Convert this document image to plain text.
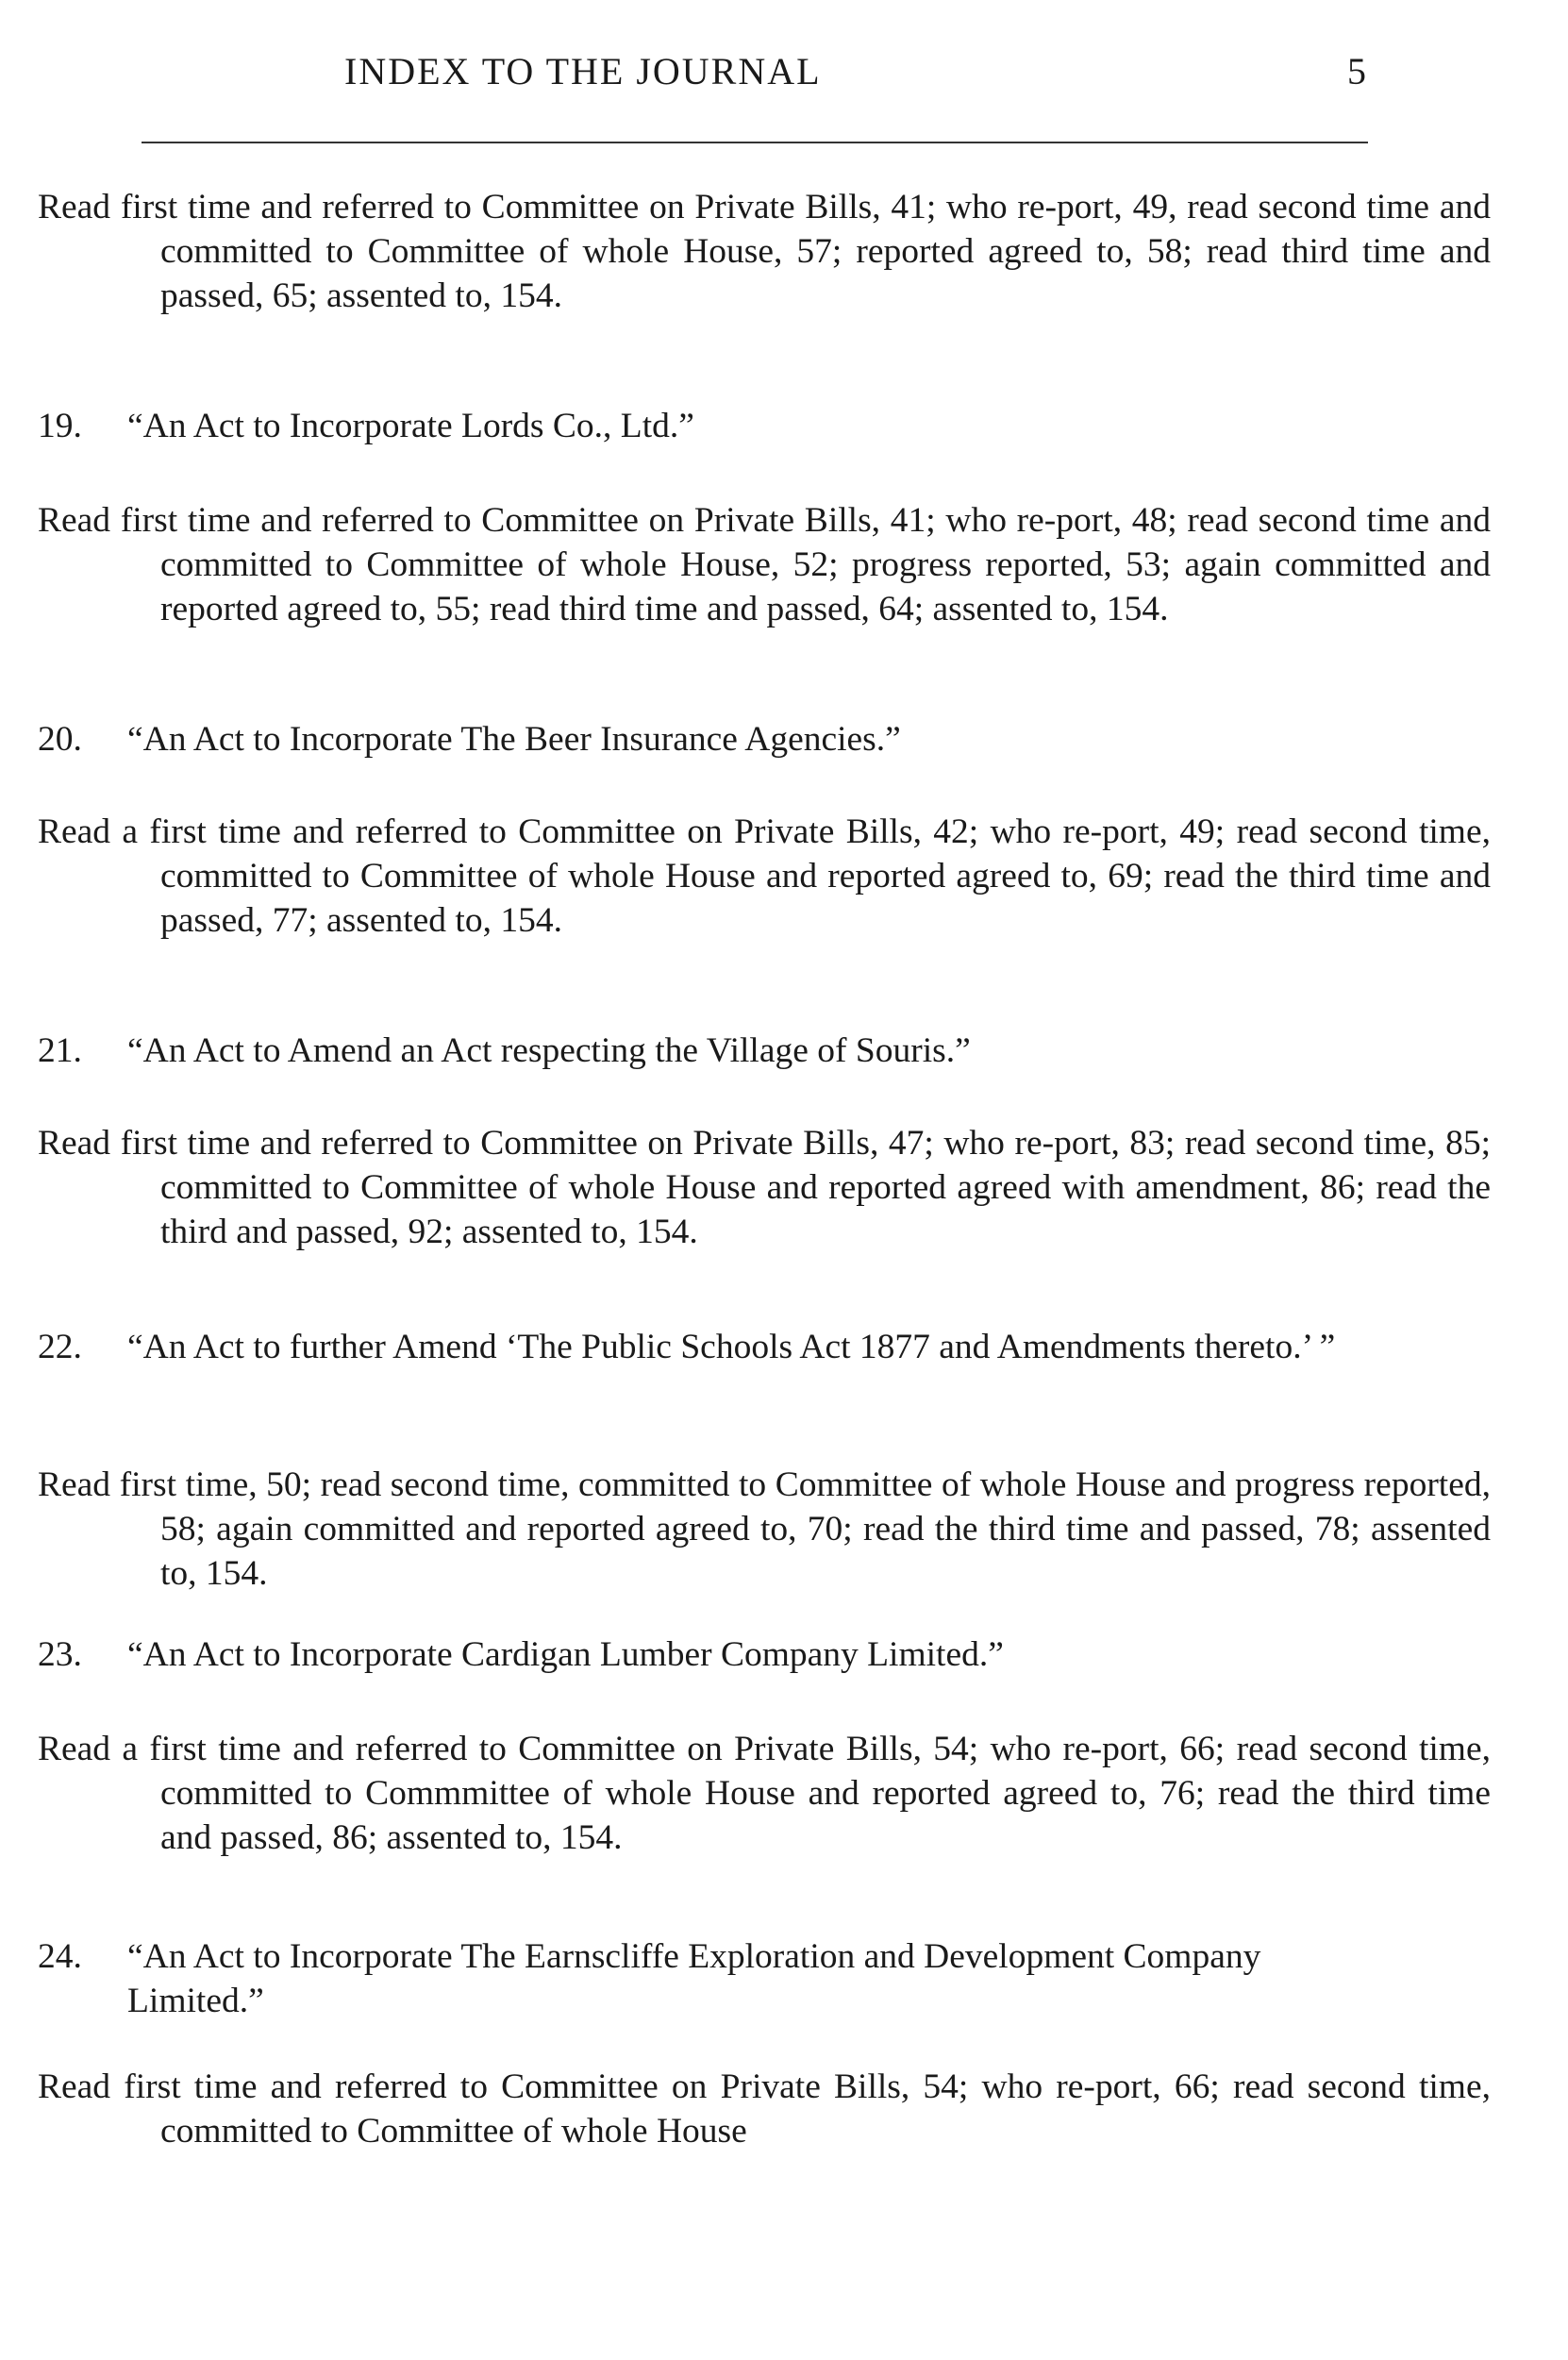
INDEX TO THE JOURNAL	5
Read first time and referred to Committee on Private Bills, 41; who re-port, 49, read second time and committed to Committee of whole House, 57; reported agreed to, 58; read third time and passed, 65; assented to, 154.
19.	“An Act to Incorporate Lords Co., Ltd.”
Read first time and referred to Committee on Private Bills, 41; who re-port, 48; read second time and committed to Committee of whole House, 52; progress reported, 53; again committed and reported agreed to, 55; read third time and passed, 64; assented to, 154.
20.	“An Act to Incorporate The Beer Insurance Agencies.”
Read a first time and referred to Committee on Private Bills, 42; who re-port, 49; read second time, committed to Committee of whole House and reported agreed to, 69; read the third time and passed, 77; assented to, 154.
21.	“An Act to Amend an Act respecting the Village of Souris.”
Read first time and referred to Committee on Private Bills, 47; who re-port, 83; read second time, 85; committed to Committee of whole House and reported agreed with amendment, 86; read the third and passed, 92; assented to, 154.
22.	“An Act to further Amend ‘The Public Schools Act 1877 and Amendments thereto.’ ”
Read first time, 50; read second time, committed to Committee of whole House and progress reported, 58; again committed and reported agreed to, 70; read the third time and passed, 78; assented to, 154.
23.	“An Act to Incorporate Cardigan Lumber Company Limited.”
Read a first time and referred to Committee on Private Bills, 54; who re-port, 66; read second time, committed to Commmittee of whole House and reported agreed to, 76; read the third time and passed, 86; assented to, 154.
24.	“An Act to Incorporate The Earnscliffe Exploration and Development Company Limited.”
Read first time and referred to Committee on Private Bills, 54; who re-port, 66; read second time, committed to Committee of whole House
